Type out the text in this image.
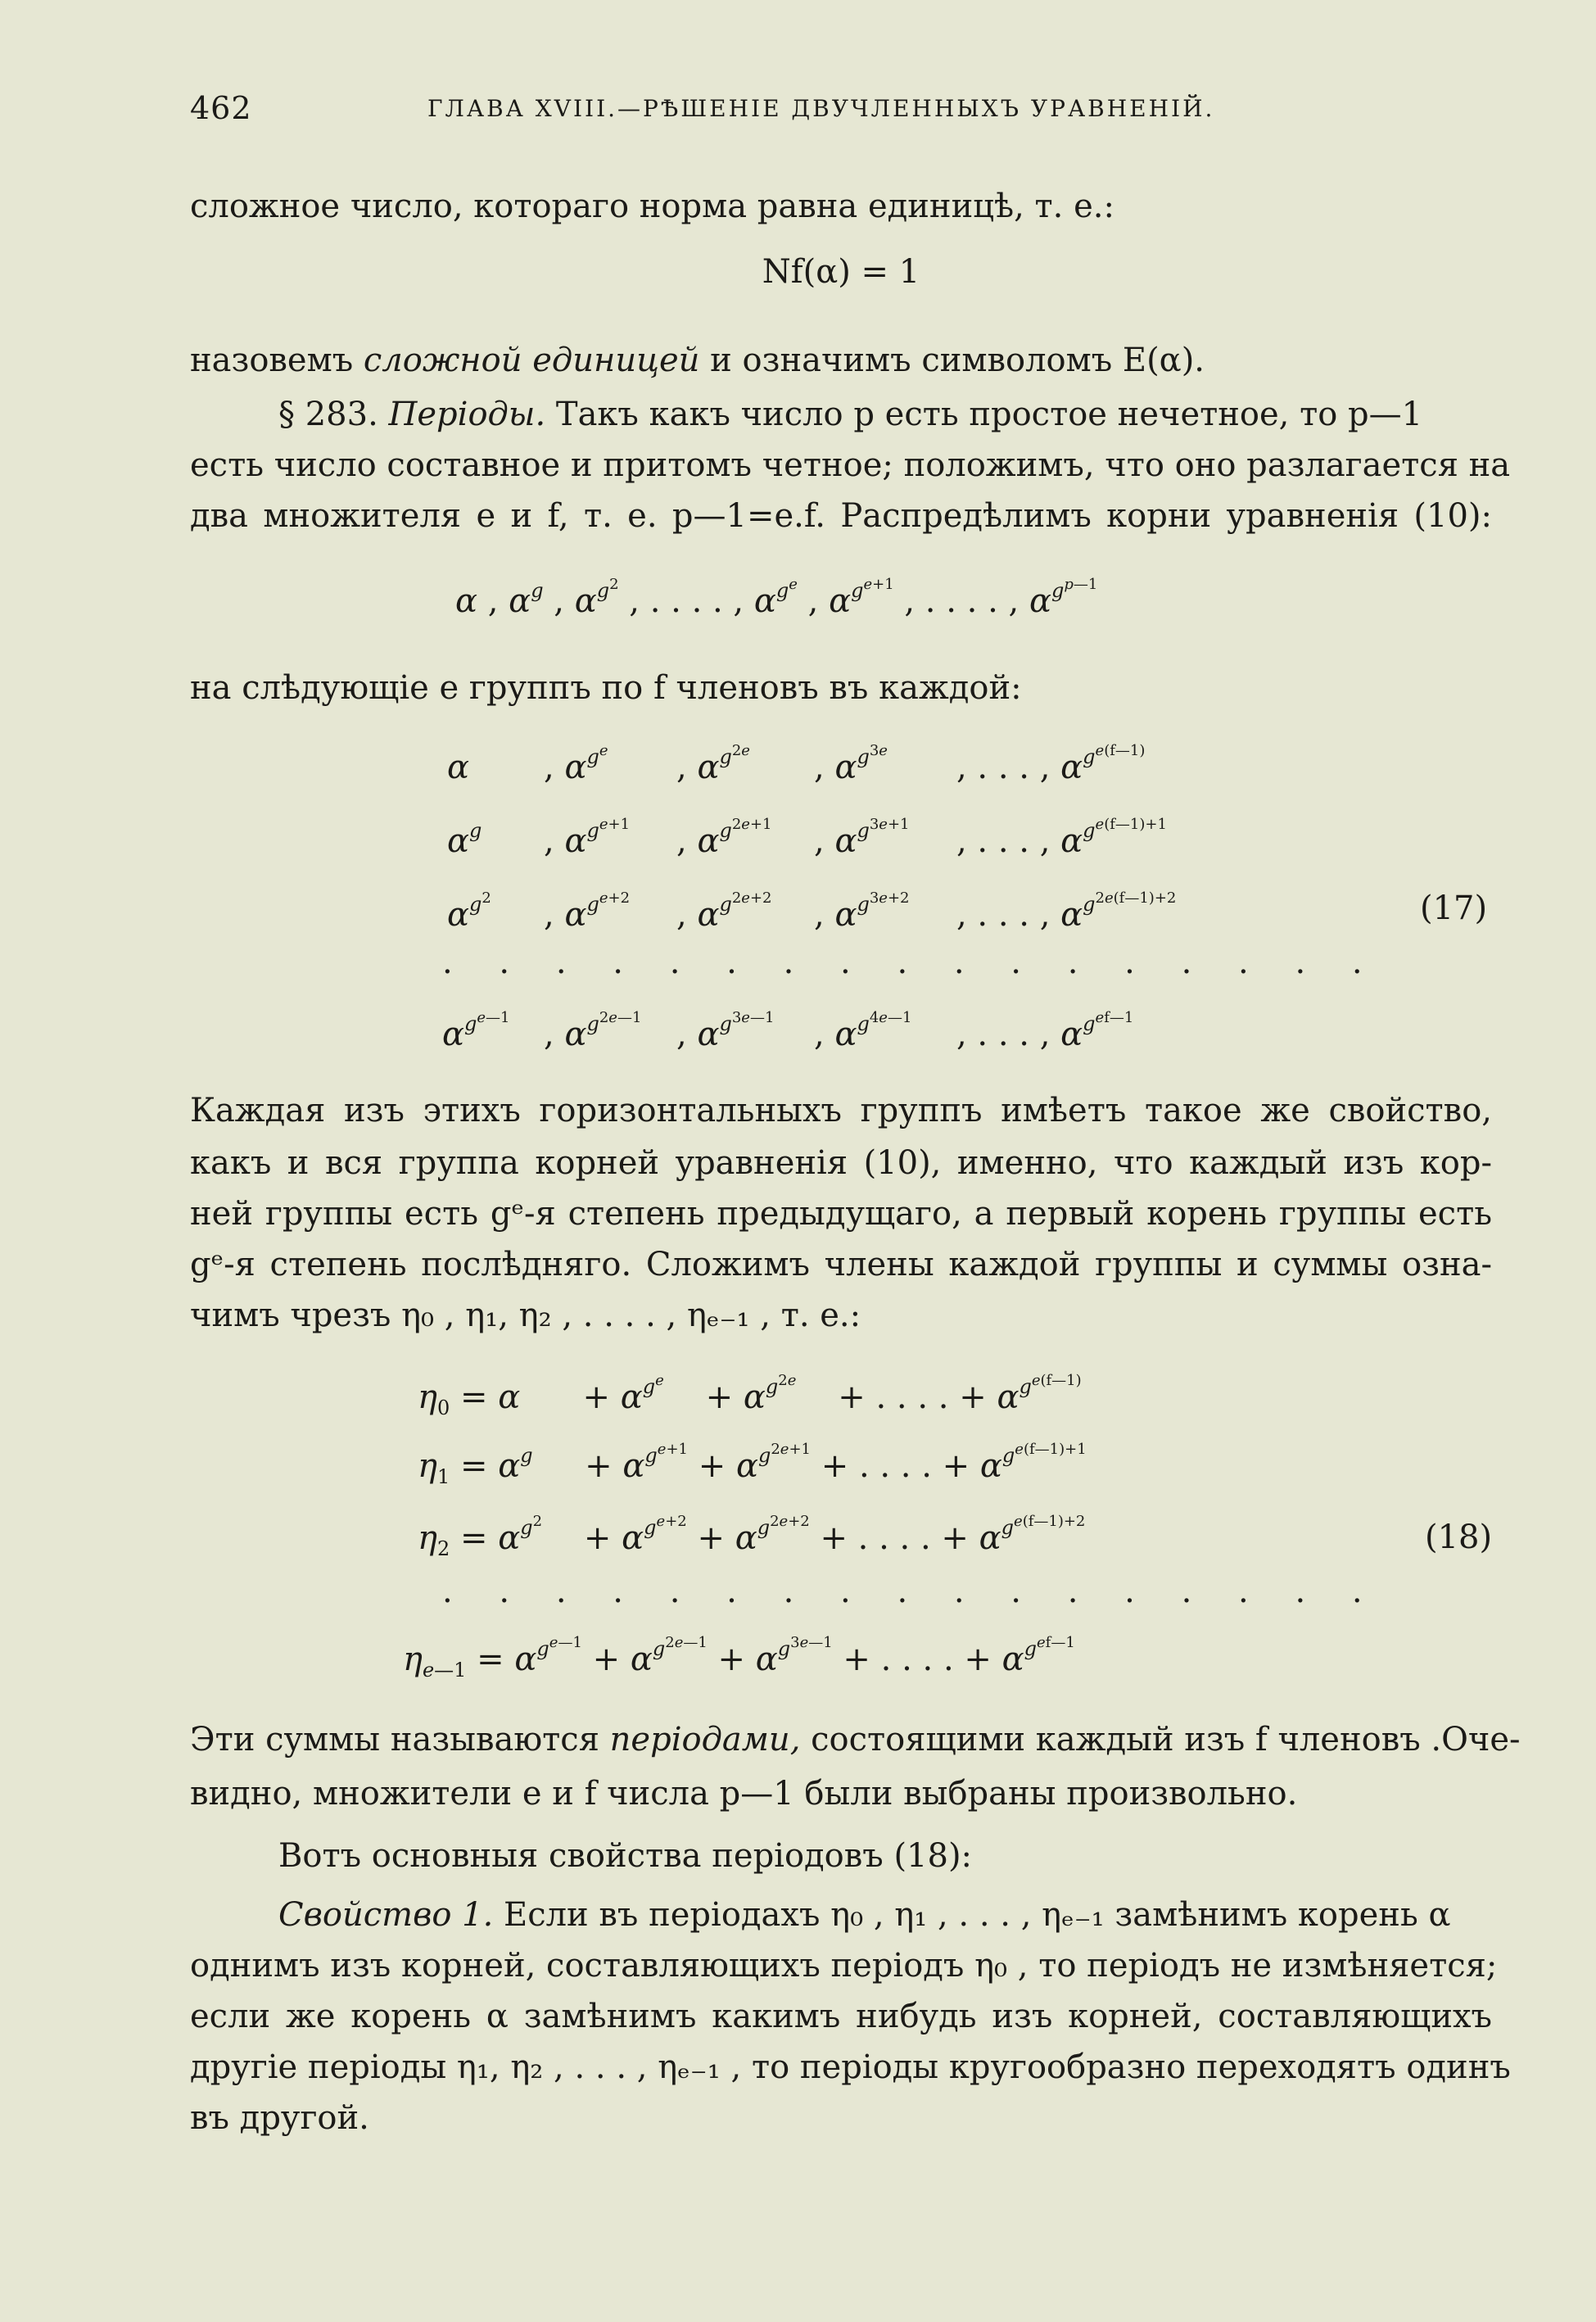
462	ГЛАВА XVIII.—РѢШЕНІЕ ДВУЧЛЕННЫХЪ УРАВНЕНІЙ.
сложное число, котораго норма равна единицѣ, т. е.:
Nf(α) = 1
назовемъ сложной единицей и означимъ символомъ E(α).
§ 283. Періоды. Такъ какъ число p есть простое нечетное, то p—1
есть число составное и притомъ четное; положимъ, что оно разлагается на
два множителя e и f, т. е. p—1=e.f. Распредѣлимъ корни уравненія (10):
α , $\alpha^g$ , $\alpha^{g^2}$ , . . . . , $\alpha^{g^e}$ , $\alpha^{g^{e+1}}$ , . . . . , $\alpha^{g^{p—1}}$
на слѣдующіе e группъ по f членовъ въ каждой:
α , $\alpha^{g^e}$ , $\alpha^{g^{2e}}$ , $\alpha^{g^{3e}}$ , . . . , $\alpha^{g^{e(f—1)}}$
$\alpha^g$ , $\alpha^{g^{e+1}}$ , $\alpha^{g^{2e+1}}$ , $\alpha^{g^{3e+1}}$ , . . . , $\alpha^{g^{e(f—1)+1}}$
$\alpha^{g^2}$ , $\alpha^{g^{e+2}}$ , $\alpha^{g^{2e+2}}$ , $\alpha^{g^{3e+2}}$ , . . . , $\alpha^{g^{2e(f—1)+2}}$	(17)
. . . . . . . . . . . . . . . . .
$\alpha^{g^{e—1}}$ , $\alpha^{g^{2e—1}}$ , $\alpha^{g^{3e—1}}$ , $\alpha^{g^{4e—1}}$ , . . . , $\alpha^{g^{ef—1}}$
Каждая изъ этихъ горизонтальныхъ группъ имѣетъ такое же свойство,
какъ и вся группа корней уравненія (10), именно, что каждый изъ кор-
ней группы есть gᵉ-я степень предыдущаго, а первый корень группы есть
gᵉ-я степень послѣдняго. Сложимъ члены каждой группы и суммы озна-
чимъ чрезъ η₀ , η₁, η₂ , . . . . , ηₑ₋₁ , т. е.:
$\eta_0 = \alpha$      + $\alpha^{g^e}$    + $\alpha^{g^{2e}}$    + . . . . + $\alpha^{g^{e(f—1)}}$
$\eta_1 = \alpha^g$     + $\alpha^{g^{e+1}} + \alpha^{g^{2e+1}}$ + . . . . + $\alpha^{g^{e(f—1)+1}}$
$\eta_2 = \alpha^{g^2}$    + $\alpha^{g^{e+2}} + \alpha^{g^{2e+2}}$ + . . . . + $\alpha^{g^{e(f—1)+2}}$	(18)
. . . . . . . . . . . . . . . . .
$\eta_{e—1} = \alpha^{g^{e—1}} + \alpha^{g^{2e—1}} + \alpha^{g^{3e—1}}$ + . . . . + $\alpha^{g^{ef—1}}$
Эти суммы называются періодами, состоящими каждый изъ f членовъ .Оче-
видно, множители e и f числа p—1 были выбраны произвольно.
Вотъ основныя свойства періодовъ (18):
Свойство 1. Если въ періодахъ η₀ , η₁ , . . . , ηₑ₋₁ замѣнимъ корень α
однимъ изъ корней, составляющихъ періодъ η₀ , то періодъ не измѣняется;
если же корень α замѣнимъ какимъ нибудь изъ корней, составляющихъ
другіе періоды η₁, η₂ , . . . , ηₑ₋₁ , то періоды кругообразно переходятъ одинъ
въ другой.
